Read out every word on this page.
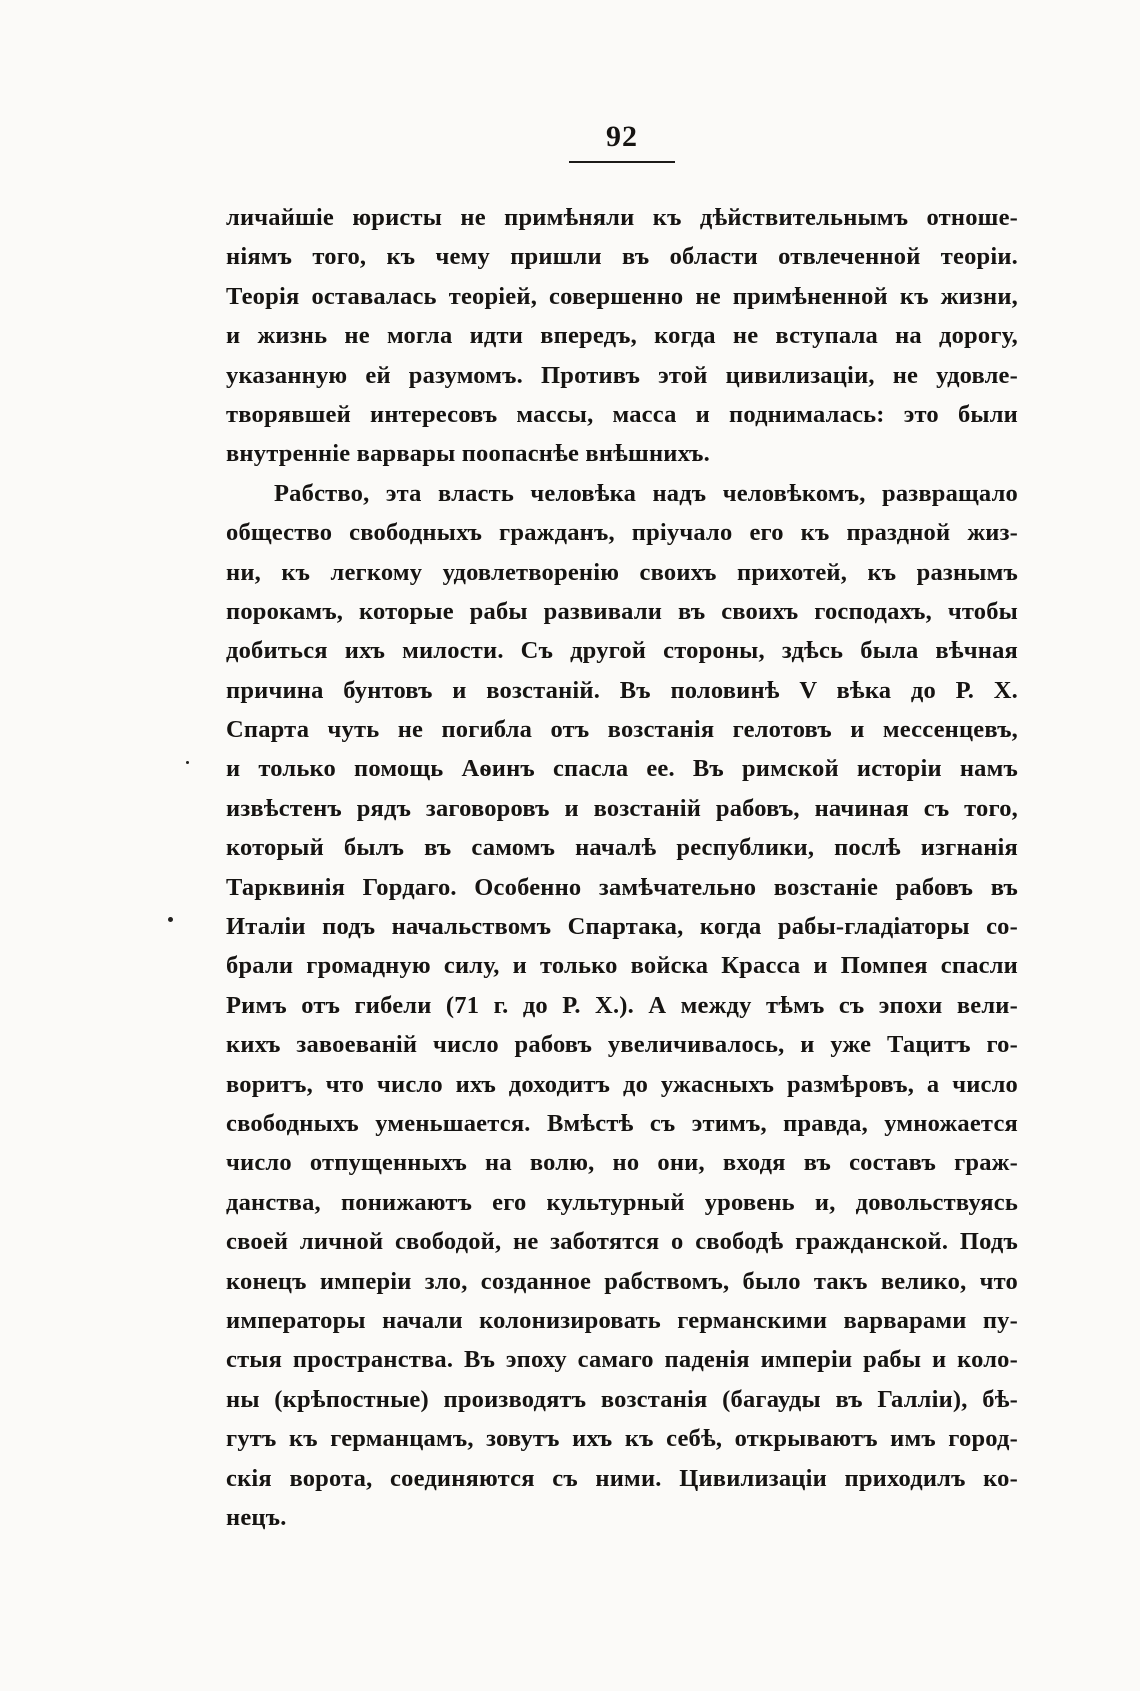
92
личайшіе юристы не примѣняли къ дѣйствительнымъ отноше-
ніямъ того, къ чему пришли въ области отвлеченной теоріи.
Теорія оставалась теоріей, совершенно не примѣненной къ жизни,
и жизнь не могла идти впередъ, когда не вступала на дорогу,
указанную ей разумомъ. Противъ этой цивилизаціи, не удовле-
творявшей интересовъ массы, масса и поднималась: это были
внутренніе варвары поопаснѣе внѣшнихъ.
Рабство, эта власть человѣка надъ человѣкомъ, развращало
общество свободныхъ гражданъ, пріучало его къ праздной жиз-
ни, къ легкому удовлетворенію своихъ прихотей, къ разнымъ
порокамъ, которые рабы развивали въ своихъ господахъ, чтобы
добиться ихъ милости. Съ другой стороны, здѣсь была вѣчная
причина бунтовъ и возстаній. Въ половинѣ V вѣка до Р. Х.
Спарта чуть не погибла отъ возстанія гелотовъ и мессенцевъ,
и только помощь Аѳинъ спасла ее. Въ римской исторіи намъ
извѣстенъ рядъ заговоровъ и возстаній рабовъ, начиная съ того,
который былъ въ самомъ началѣ республики, послѣ изгнанія
Тарквинія Гордаго. Особенно замѣчательно возстаніе рабовъ въ
Италіи подъ начальствомъ Спартака, когда рабы-гладіаторы со-
брали громадную силу, и только войска Красса и Помпея спасли
Римъ отъ гибели (71 г. до Р. Х.). А между тѣмъ съ эпохи вели-
кихъ завоеваній число рабовъ увеличивалось, и уже Тацитъ го-
воритъ, что число ихъ доходитъ до ужасныхъ размѣровъ, а число
свободныхъ уменьшается. Вмѣстѣ съ этимъ, правда, умножается
число отпущенныхъ на волю, но они, входя въ составъ граж-
данства, понижаютъ его культурный уровень и, довольствуясь
своей личной свободой, не заботятся о свободѣ гражданской. Подъ
конецъ имперіи зло, созданное рабствомъ, было такъ велико, что
императоры начали колонизировать германскими варварами пу-
стыя пространства. Въ эпоху самаго паденія имперіи рабы и коло-
ны (крѣпостные) производятъ возстанія (багауды въ Галліи), бѣ-
гутъ къ германцамъ, зовутъ ихъ къ себѣ, открываютъ имъ город-
скія ворота, соединяются съ ними. Цивилизаціи приходилъ ко-
нецъ.
